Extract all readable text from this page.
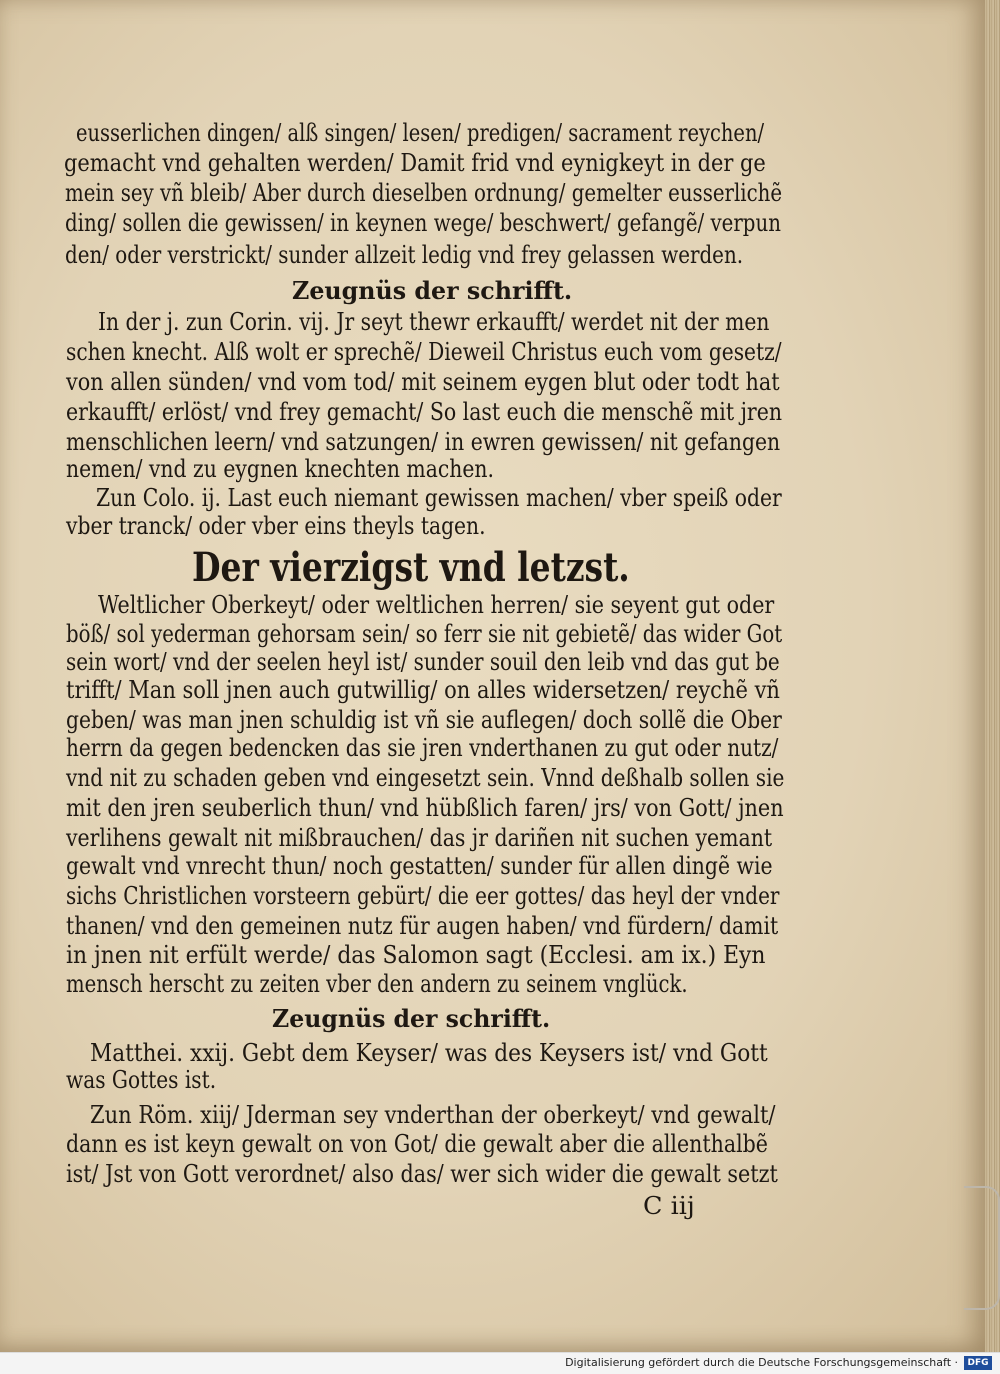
eusserlichen dingen/ alß singen/ lesen/ predigen/ sacrament reychen/
gemacht vnd gehalten werden/ Damit frid vnd eynigkeyt in der ge
mein sey vñ bleib/ Aber durch dieselben ordnung/ gemelter eusserlichẽ
ding/ sollen die gewissen/ in keynen wege/ beschwert/ gefangẽ/ verpun
den/ oder verstrickt/ sunder allzeit ledig vnd frey gelassen werden.
Zeugnüs der schrifft.
In der j. zun Corin. vij. Jr seyt thewr erkaufft/ werdet nit der men
schen knecht. Alß wolt er sprechẽ/ Dieweil Christus euch vom gesetz/
von allen sünden/ vnd vom tod/ mit seinem eygen blut oder todt hat
erkaufft/ erlöst/ vnd frey gemacht/ So last euch die menschẽ mit jren
menschlichen leern/ vnd satzungen/ in ewren gewissen/ nit gefangen
nemen/ vnd zu eygnen knechten machen.
Zun Colo. ij. Last euch niemant gewissen machen/ vber speiß oder
vber tranck/ oder vber eins theyls tagen.
Der vierzigst vnd letzst.
Weltlicher Oberkeyt/ oder weltlichen herren/ sie seyent gut oder
böß/ sol yederman gehorsam sein/ so ferr sie nit gebietẽ/ das wider Got
sein wort/ vnd der seelen heyl ist/ sunder souil den leib vnd das gut be
trifft/ Man soll jnen auch gutwillig/ on alles widersetzen/ reychẽ vñ
geben/ was man jnen schuldig ist vñ sie auflegen/ doch sollẽ die Ober
herrn da gegen bedencken das sie jren vnderthanen zu gut oder nutz/
vnd nit zu schaden geben vnd eingesetzt sein. Vnnd deßhalb sollen sie
mit den jren seuberlich thun/ vnd hübßlich faren/ jrs/ von Gott/ jnen
verlihens gewalt nit mißbrauchen/ das jr dariñen nit suchen yemant
gewalt vnd vnrecht thun/ noch gestatten/ sunder für allen dingẽ wie
sichs Christlichen vorsteern gebürt/ die eer gottes/ das heyl der vnder
thanen/ vnd den gemeinen nutz für augen haben/ vnd fürdern/ damit
in jnen nit erfült werde/ das Salomon sagt (Ecclesi. am ix.) Eyn
mensch herscht zu zeiten vber den andern zu seinem vnglück.
Zeugnüs der schrifft.
Matthei. xxij. Gebt dem Keyser/ was des Keysers ist/ vnd Gott
was Gottes ist.
Zun Röm. xiij/ Jderman sey vnderthan der oberkeyt/ vnd gewalt/
dann es ist keyn gewalt on von Got/ die gewalt aber die allenthalbẽ
ist/ Jst von Gott verordnet/ also das/ wer sich wider die gewalt setzt
C iij
Digitalisierung gefördert durch die Deutsche Forschungsgemeinschaft ·	DFG
